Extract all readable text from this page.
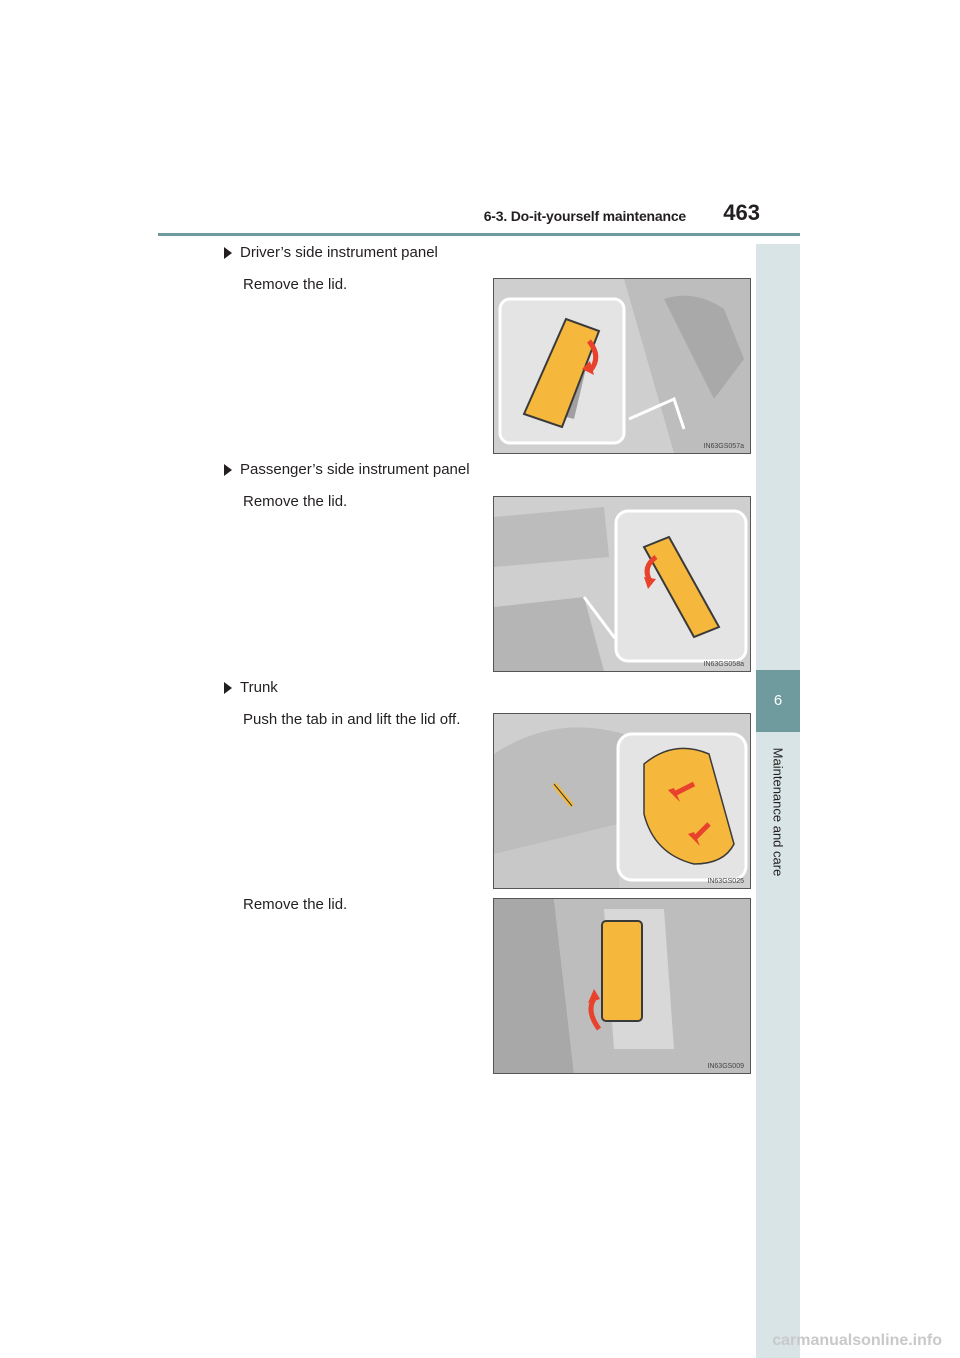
6-3. Do-it-yourself maintenance	463
6
Maintenance and care
Driver’s side instrument panel
Remove the lid.
IN63GS057a
Passenger’s side instrument panel
Remove the lid.
IN63GS058a
Trunk
Push the tab in and lift the lid off.
IN63GS025
Remove the lid.
IN63GS009
carmanualsonline.info
